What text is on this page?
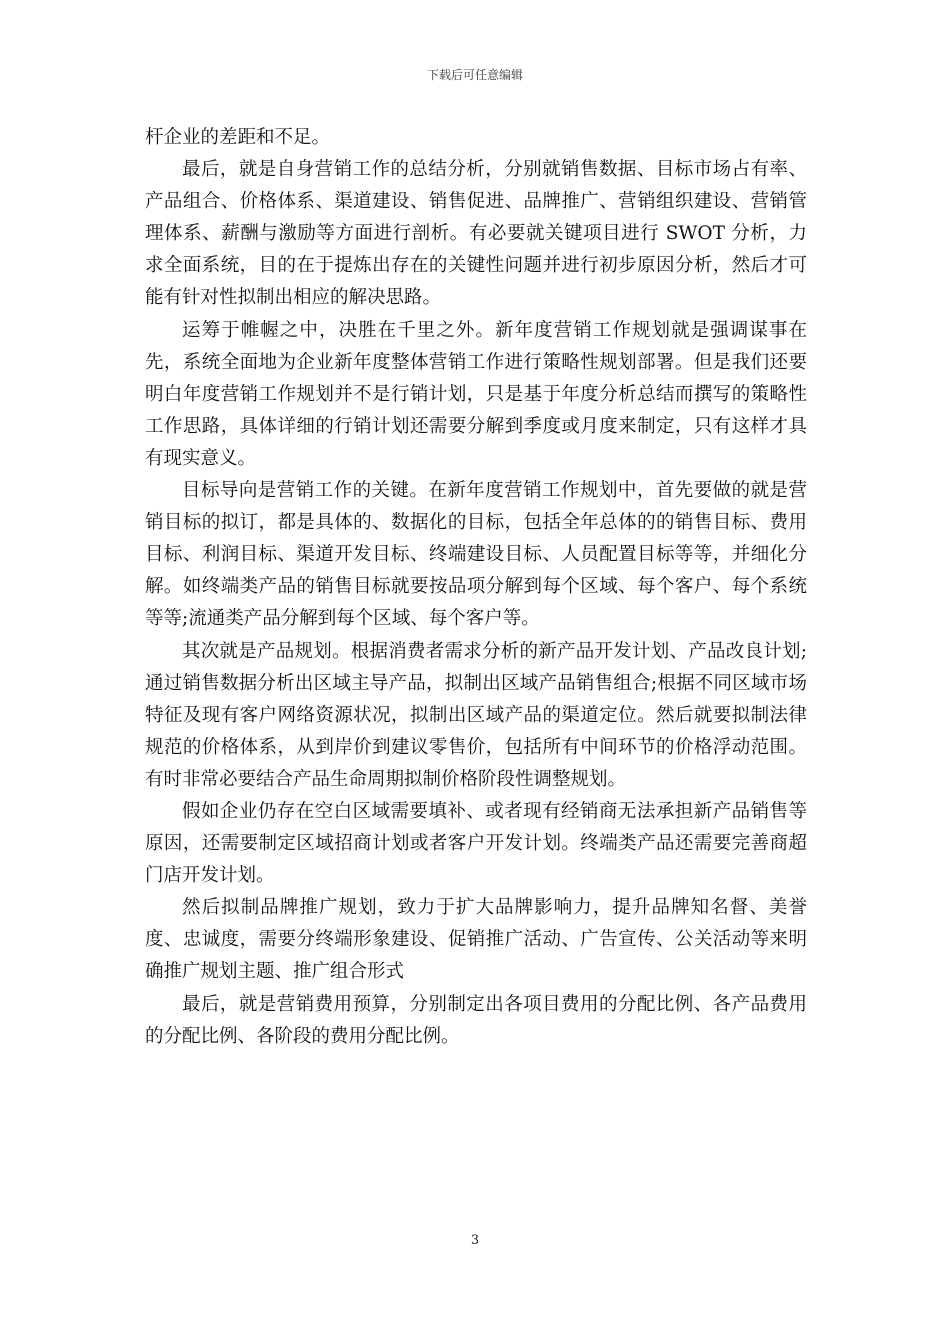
下载后可任意编辑

杆企业的差距和不足。

最后，就是自身营销工作的总结分析，分别就销售数据、目标市场占有率、产品组合、价格体系、渠道建设、销售促进、品牌推广、营销组织建设、营销管理体系、薪酬与激励等方面进行剖析。有必要就关键项目进行 SWOT 分析，力求全面系统，目的在于提炼出存在的关键性问题并进行初步原因分析，然后才可能有针对性拟制出相应的解决思路。

运筹于帷幄之中，决胜在千里之外。新年度营销工作规划就是强调谋事在先，系统全面地为企业新年度整体营销工作进行策略性规划部署。但是我们还要明白年度营销工作规划并不是行销计划，只是基于年度分析总结而撰写的策略性工作思路，具体详细的行销计划还需要分解到季度或月度来制定，只有这样才具有现实意义。

目标导向是营销工作的关键。在新年度营销工作规划中，首先要做的就是营销目标的拟订，都是具体的、数据化的目标，包括全年总体的的销售目标、费用目标、利润目标、渠道开发目标、终端建设目标、人员配置目标等等，并细化分解。如终端类产品的销售目标就要按品项分解到每个区域、每个客户、每个系统等等;流通类产品分解到每个区域、每个客户等。

其次就是产品规划。根据消费者需求分析的新产品开发计划、产品改良计划;通过销售数据分析出区域主导产品，拟制出区域产品销售组合;根据不同区域市场特征及现有客户网络资源状况，拟制出区域产品的渠道定位。然后就要拟制法律规范的价格体系，从到岸价到建议零售价，包括所有中间环节的价格浮动范围。有时非常必要结合产品生命周期拟制价格阶段性调整规划。

假如企业仍存在空白区域需要填补、或者现有经销商无法承担新产品销售等原因，还需要制定区域招商计划或者客户开发计划。终端类产品还需要完善商超门店开发计划。

然后拟制品牌推广规划，致力于扩大品牌影响力，提升品牌知名督、美誉度、忠诚度，需要分终端形象建设、促销推广活动、广告宣传、公关活动等来明确推广规划主题、推广组合形式

最后，就是营销费用预算，分别制定出各项目费用的分配比例、各产品费用的分配比例、各阶段的费用分配比例。

3
